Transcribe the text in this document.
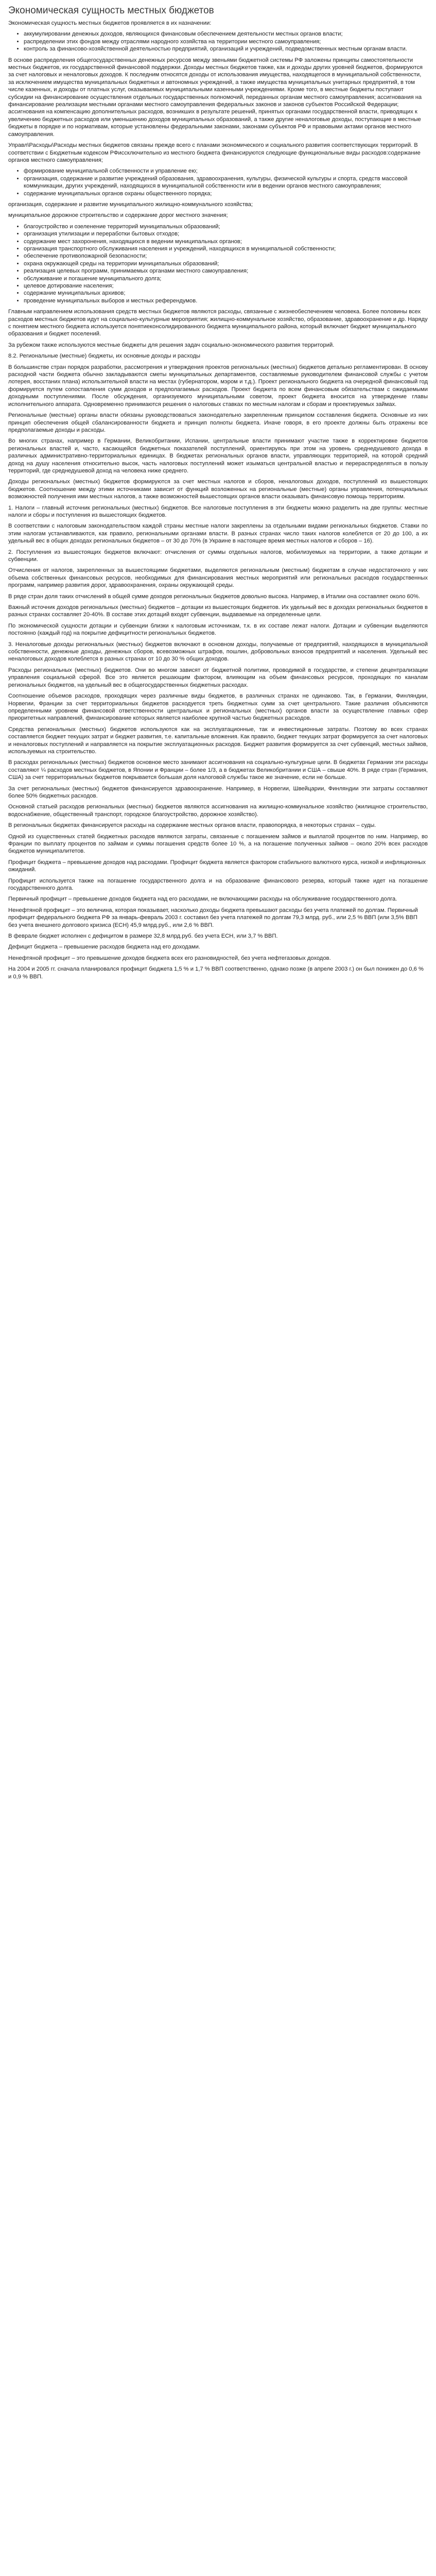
Экономическая сущность местных бюджетов

Экономическая сущность местных бюджетов проявляется в их назначении:

• аккумулировании денежных доходов, являющихся финансовым обеспечением деятельности местных органов власти;
• распределении этих фондов между отраслями народного хозяйства на территории местного самоуправления;
• контроль за финансово-хозяйственной деятельностью предприятий, организаций и учреждений, подведомственных местным органам власти.

В основе распределения общегосударственных денежных ресурсов между звеньями бюджетной системы РФ заложены принципы самостоятельности местных бюджетов, их государственной финансовой поддержки. Доходы местных бюджетов также, как и доходы других уровней бюджетов, формируются за счет налоговых и неналоговых доходов. К последним относятся доходы от использования имущества, находящегося в муниципальной собственности, за исключением имущества муниципальных бюджетных и автономных учреждений, а также имущества муниципальных унитарных предприятий, в том числе казенных, и доходы от платных услуг, оказываемых муниципальными казенными учреждениями. Кроме того, в местные бюджеты поступают субсидии на финансирование осуществления отдельных государственных полномочий, переданных органам местного самоуправления; ассигнования на финансирование реализации местными органами местного самоуправления федеральных законов и законов субъектов Российской Федерации; ассигнования на компенсацию дополнительных расходов, возникших в результате решений, принятых органами государственной власти, приводящих к увеличению бюджетных расходов или уменьшению доходов муниципальных образований, а также другие неналоговые доходы, поступающие в местные бюджеты в порядке и по нормативам, которые установлены федеральными законами, законами субъектов РФ и правовыми актами органов местного самоуправления.

Управл\Расходы\Расходы местных бюджетов связаны прежде всего с планами экономического и социального развития соответствующих территорий. В соответствии с Бюджетным кодексом РФиссключительно из местного бюджета финансируются следующие функциональные виды расходов:содержание органов местного самоуправления;

• формирование муниципальной собственности и управление ею;
• организация, содержание и развитие учреждений образования, здравоохранения, культуры, физической культуры и спорта, средств массовой коммуникации, других учреждений, находящихся в муниципальной собственности или в ведении органов местного самоуправления;
• содержание муниципальных органов охраны общественного порядка;

организация, содержание и развитие муниципального жилищно-коммунального хозяйства;

муниципальное дорожное строительство и содержание дорог местного значения;

• благоустройство и озеленение территорий муниципальных образований;
• организация утилизации и переработки бытовых отходов;
• содержание мест захоронения, находящихся в ведении муниципальных органов;
• организация транспортного обслуживания населения и учреждений, находящихся в муниципальной собственности;
• обеспечение противопожарной безопасности;
• охрана окружающей среды на территории муниципальных образований;
• реализация целевых программ, принимаемых органами местного самоуправления;
• обслуживание и погашение муниципального долга;
• целевое дотирование населения;
• содержание муниципальных архивов;
• проведение муниципальных выборов и местных референдумов.

Главным направлением использования средств местных бюджетов являются расходы, связанные с жизнеобеспечением человека. Более половины всех расходов местных бюджетов идут на социально-культурные мероприятия; жилищно-коммунальное хозяйство, образование, здравоохранение и др. Наряду с понятием местного бюджета используется понятиеконсолидированного бюджета муниципального района, который включает бюджет муниципального образования и бюджет поселений.

За рубежом также используются местные бюджеты для решения задач социально-экономического развития территорий.

8.2. Региональные (местные) бюджеты, их основные доходы и расходы

В большинстве стран порядок разработки, рассмотрения и утверждения проектов региональных (местных) бюджетов детально регламентирован. В основу расходной части бюджета обычно закладываются сметы муниципальных департаментов, составляемые руководителем финансовой службы с учетом лотерея, восстаних плана) использительной власти на местах (губернатором, мэром и т.д.). Проект регионального бюджета на очередной финансовый год формируется путем сопоставления сумм доходов и предполагаемых расходов. Проект бюджета по всем финансовым обязательствам с ожидаемыми доходными поступлениями. После обсуждения, организуемого муниципальными советом, проект бюджета вносится на утверждение главы исполнительного аппарата. Одновременно принимаются решения о налоговых ставках по местным налогам и сборам и проектируемых займах.

Региональные (местные) органы власти обязаны руководствоваться законодательно закрепленным принципом составления бюджета. Основные из них принцип обеспечения общей сбалансированности бюджета и принцип полноты бюджета. Иначе говоря, в его проекте должны быть отражены все предполагаемые доходы и расходы.

Во многих странах, например в Германии, Великобритании, Испании, центральные власти принимают участие также в корректировке бюджетов региональных властей и, часто, касающейся бюджетных показателей поступлений, ориентируясь при этом на уровень среднедушевого дохода в различных административно-территориальных единицах. В бюджетах региональных органов власти, управляющих территорией, на которой средний доход на душу населения относительно высок, часть налоговых поступлений может изыматься центральной властью и перераспределяться в пользу территорий, где среднедушевой доход на человека ниже среднего.

Доходы региональных (местных) бюджетов формируются за счет местных налогов и сборов, неналоговых доходов, поступлений из вышестоящих бюджетов. Соотношение между этими источниками зависит от функций возложенных на региональные (местные) органы управления, потенциальных возможностей получения ими местных налогов, а также возможностей вышестоящих органов власти оказывать финансовую помощь территориям.

1. Налоги – главный источник региональных (местных) бюджетов. Все налоговые поступления в эти бюджеты можно разделить на две группы: местные налоги и сборы и поступления из вышестоящих бюджетов.

В соответствии с налоговым законодательством каждой страны местные налоги закреплены за отдельными видами региональных бюджетов. Ставки по этим налогам устанавливаются, как правило, региональными органами власти. В разных странах число таких налогов колеблется от 20 до 100, а их удельный вес в общих доходах региональных бюджетов – от 30 до 70% (в Украине в настоящее время местных налогов и сборов – 16).

2. Поступления из вышестоящих бюджетов включают: отчисления от суммы отдельных налогов, мобилизуемых на территории, а также дотации и субвенции.

Отчисления от налогов, закрепленных за вышестоящими бюджетами, выделяются региональным (местным) бюджетам в случае недостаточного у них объема собственных финансовых ресурсов, необходимых для финансирования местных мероприятий или региональных расходов государственных программ, например развития дорог, здравоохранения, охраны окружающей среды.

В ряде стран доля таких отчислений в общей сумме доходов региональных бюджетов довольно высока. Например, в Италии она составляет около 60%.

Важный источник доходов региональных (местных) бюджетов – дотации из вышестоящих бюджетов. Их удельный вес в доходах региональных бюджетов в разных странах составляет 20-40%. В составе этих дотаций входят субвенции, выдаваемые на определенные цели.

По экономической сущности дотации и субвенции близки к налоговым источникам, т.к. в их составе лежат налоги. Дотации и субвенции выделяются постоянно (каждый год) на покрытие дефицитности региональных бюджетов.

3. Неналоговые доходы региональных (местных) бюджетов включают в основном доходы, получаемые от предприятий, находящихся в муниципальной собственности, денежные доходы, денежных сборов, всевозможных штрафов, пошлин, добровольных взносов предприятий и населения. Удельный вес неналоговых доходов колеблется в разных странах от 10 до 30 % общих доходов.

Расходы региональных (местных) бюджетов. Они во многом зависят от бюджетной политики, проводимой в государстве, и степени децентрализации управления социальной сферой. Все это является решающим фактором, влияющим на объем финансовых ресурсов, проходящих по каналам региональных бюджетов, на удельный вес в общегосударственных бюджетных расходах.

Соотношение объемов расходов, проходящих через различные виды бюджетов, в различных странах не одинаково. Так, в Германии, Финляндии, Норвегии, Франции за счет территориальных бюджетов расходуется треть бюджетных сумм за счет центрального. Такие различия объясняются определенными уровнем финансовой ответственности центральных и региональных (местных) органов власти за осуществление главных сфер приоритетных направлений, финансирование которых является наиболее крупной частью бюджетных расходов.

Средства региональных (местных) бюджетов используются как на эксплуатационные, так и инвестиционные затраты. Поэтому во всех странах составляется бюджет текущих затрат и бюджет развития, т.е. капитальные вложения. Как правило, бюджет текущих затрат формируется за счет налоговых и неналоговых поступлений и направляется на покрытие эксплуатационных расходов. Бюджет развития формируется за счет субвенций, местных займов, используемых на строительство.

В расходах региональных (местных) бюджетов основное место занимают ассигнования на социально-культурные цели. В бюджетах Германии эти расходы составляют ¼ расходов местных бюджетов, в Японии и Франции – более 1/3, а в бюджетах Великобритании и США – свыше 40%. В ряде стран (Германия, США) за счет территориальных бюджетов покрывается большая доля налоговой службы такое же значение, если не больше.

За счет региональных (местных) бюджетов финансируется здравоохранение. Например, в Норвегии, Швейцарии, Финляндии эти затраты составляют более 50% бюджетных расходов.

Основной статьей расходов региональных (местных) бюджетов являются ассигнования на жилищно-коммунальное хозяйство (жилищное строительство, водоснабжение, общественный транспорт, городское благоустройство, дорожное хозяйство).

В региональных бюджетах финансируется расходы на содержание местных органов власти, правопорядка, в некоторых странах – суды.

Одной из существенных статей бюджетных расходов являются затраты, связанные с погашением займов и выплатой процентов по ним. Например, во Франции по выплату процентов по займам и суммы погашения средств более 10 %, а на погашение полученных займов – около 20% всех расходов бюджетов муниципалитетов.

Профицит бюджета – превышение доходов над расходами. Профицит бюджета является фактором стабильного валютного курса, низкой и инфляционных ожиданий.

Профицит используется также на погашение государственного долга и на образование финансового резерва, который также идет на погашение государственного долга.

Первичный профицит – превышение доходов бюджета над его расходами, не включающими расходы на обслуживание государственного долга.

Ненефтяной профицит – это величина, которая показывает, насколько доходы бюджета превышают расходы без учета платежей по долгам. Первичный профицит федерального бюджета РФ за январь-февраль 2003 г. составил без учета платежей по долгам 79,3 млрд. руб., или 2,5 % ВВП (или 3,5% ВВП без учета внешнего долгового кризиса (ЕСН) 45,9 млрд.руб., или 2,6 % ВВП.

В феврале бюджет исполнен с дефицитом в размере 32,8 млрд.руб. без учета ЕСН, или 3,7 % ВВП.

Дефицит бюджета – превышение расходов бюджета над его доходами.

Ненефтяной профицит – это превышение доходов бюджета всех его разновидностей, без учета нефтегазовых доходов.

На 2004 и 2005 гг. сначала планировался профицит бюджета 1,5 % и 1,7 % ВВП соответственно, однако позже (в апреле 2003 г.) он был понижен до 0,6 % и 0,9 % ВВП.
